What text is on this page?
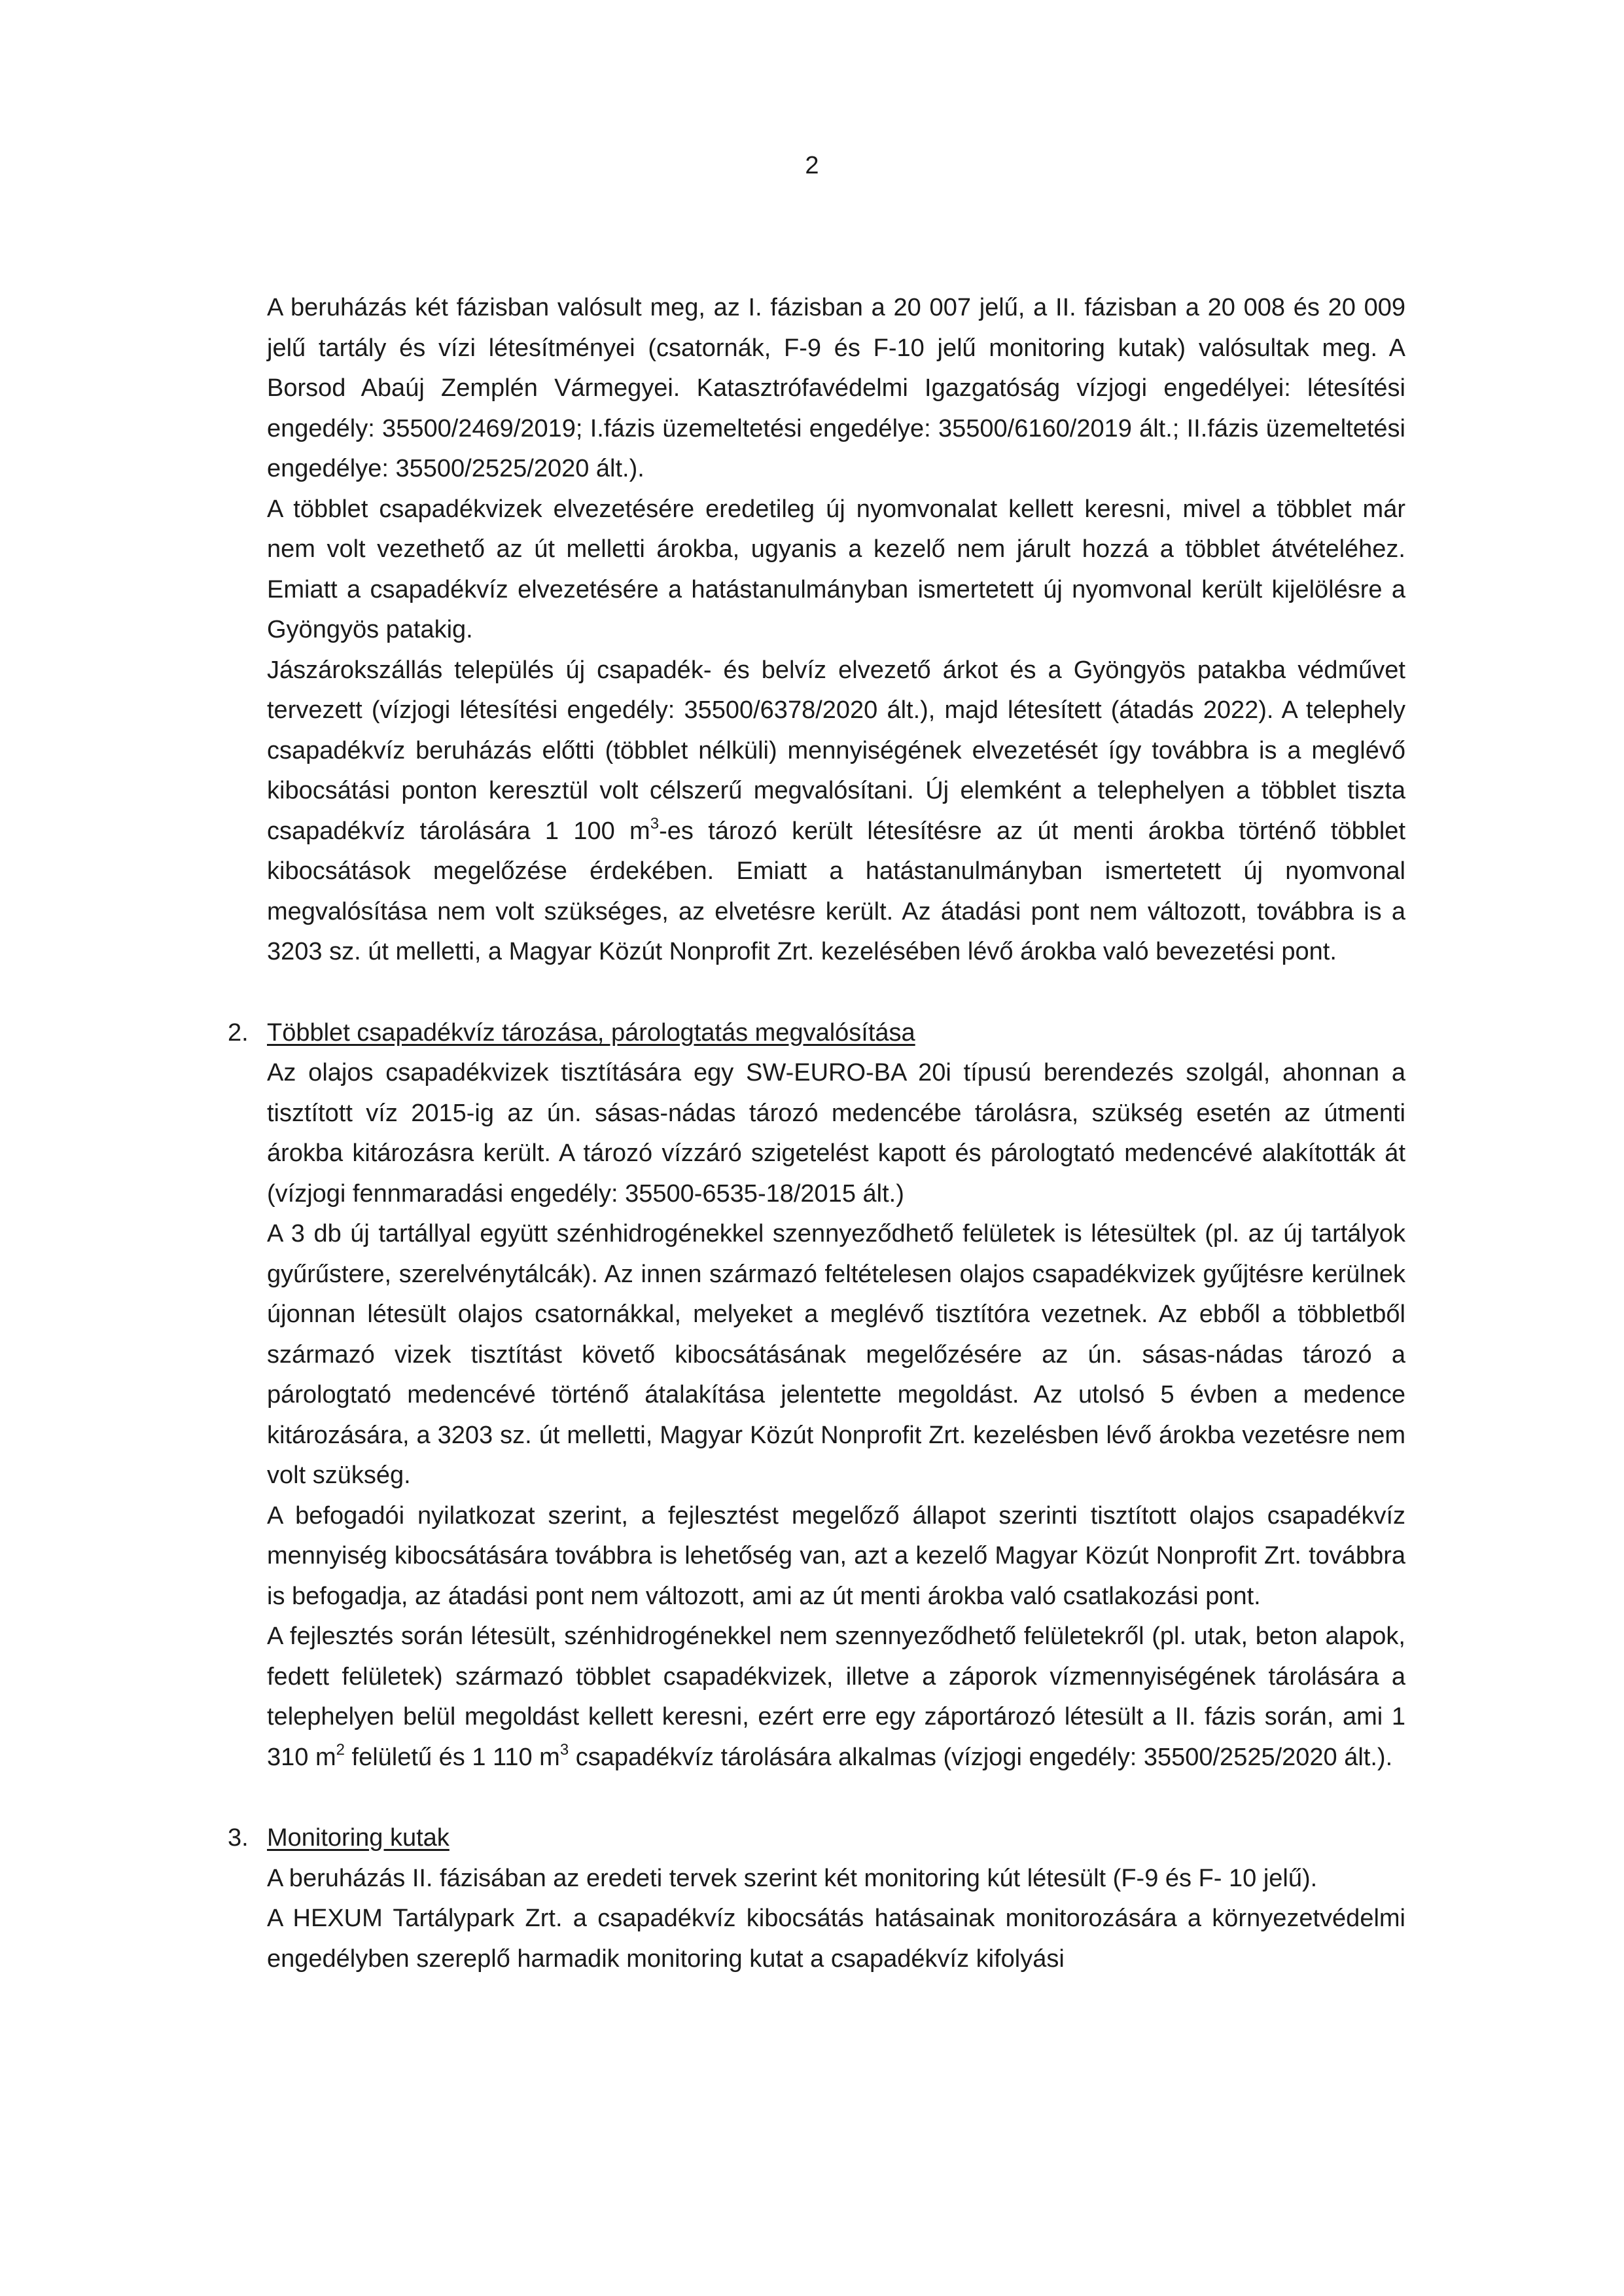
2

A beruházás két fázisban valósult meg, az I. fázisban a 20 007 jelű, a II. fázisban a 20 008 és 20 009 jelű tartály és vízi létesítményei (csatornák, F-9 és F-10 jelű monitoring kutak) valósultak meg. A Borsod Abaúj Zemplén Vármegyei. Katasztrófavédelmi Igazgatóság vízjogi engedélyei: létesítési engedély: 35500/2469/2019; I.fázis üzemeltetési engedélye: 35500/6160/2019 ált.; II.fázis üzemeltetési engedélye: 35500/2525/2020 ált.).

A többlet csapadékvizek elvezetésére eredetileg új nyomvonalat kellett keresni, mivel a többlet már nem volt vezethető az út melletti árokba, ugyanis a kezelő nem járult hozzá a többlet átvételéhez. Emiatt a csapadékvíz elvezetésére a hatástanulmányban ismertetett új nyomvonal került kijelölésre a Gyöngyös patakig.

Jászárokszállás település új csapadék- és belvíz elvezető árkot és a Gyöngyös patakba védművet tervezett (vízjogi létesítési engedély: 35500/6378/2020 ált.), majd létesített (átadás 2022). A telephely csapadékvíz beruházás előtti (többlet nélküli) mennyiségének elvezetését így továbbra is a meglévő kibocsátási ponton keresztül volt célszerű megvalósítani. Új elemként a telephelyen a többlet tiszta csapadékvíz tárolására 1 100 $m^3-es$ tározó került létesítésre az út menti árokba történő többlet kibocsátások megelőzése érdekében. Emiatt a hatástanulmányban ismertetett új nyomvonal megvalósítása nem volt szükséges, az elvetésre került. Az átadási pont nem változott, továbbra is a 3203 sz. út melletti, a Magyar Közút Nonprofit Zrt. kezelésében lévő árokba való bevezetési pont.

2. Többlet csapadékvíz tározása, párologtatás megvalósítása

Az olajos csapadékvizek tisztítására egy SW-EURO-BA 20i típusú berendezés szolgál, ahonnan a tisztított víz 2015-ig az ún. sásas-nádas tározó medencébe tárolásra, szükség esetén az útmenti árokba kitározásra került. A tározó vízzáró szigetelést kapott és párologtató medencévé alakították át (vízjogi fennmaradási engedély: 35500-6535-18/2015 ált.)

A 3 db új tartállyal együtt szénhidrogénekkel szennyeződhető felületek is létesültek (pl. az új tartályok gyűrűstere, szerelvénytálcák). Az innen származó feltételesen olajos csapadékvizek gyűjtésre kerülnek újonnan létesült olajos csatornákkal, melyeket a meglévő tisztítóra vezetnek. Az ebből a többletből származó vizek tisztítást követő kibocsátásának megelőzésére az ún. sásas-nádas tározó a párologtató medencévé történő átalakítása jelentette megoldást. Az utolsó 5 évben a medence kitározására, a 3203 sz. út melletti, Magyar Közút Nonprofit Zrt. kezelésben lévő árokba vezetésre nem volt szükség.

A befogadói nyilatkozat szerint, a fejlesztést megelőző állapot szerinti tisztított olajos csapadékvíz mennyiség kibocsátására továbbra is lehetőség van, azt a kezelő Magyar Közút Nonprofit Zrt. továbbra is befogadja, az átadási pont nem változott, ami az út menti árokba való csatlakozási pont.

A fejlesztés során létesült, szénhidrogénekkel nem szennyeződhető felületekről (pl. utak, beton alapok, fedett felületek) származó többlet csapadékvizek, illetve a záporok vízmennyiségének tárolására a telephelyen belül megoldást kellett keresni, ezért erre egy záportározó létesült a II. fázis során, ami 1 310 $m^2$ felületű és 1 110 $m^3$ csapadékvíz tárolására alkalmas (vízjogi engedély: 35500/2525/2020 ált.).

3. Monitoring kutak

A beruházás II. fázisában az eredeti tervek szerint két monitoring kút létesült (F-9 és F- 10 jelű).

A HEXUM Tartálypark Zrt. a csapadékvíz kibocsátás hatásainak monitorozására a környezetvédelmi engedélyben szereplő harmadik monitoring kutat a csapadékvíz kifolyási
